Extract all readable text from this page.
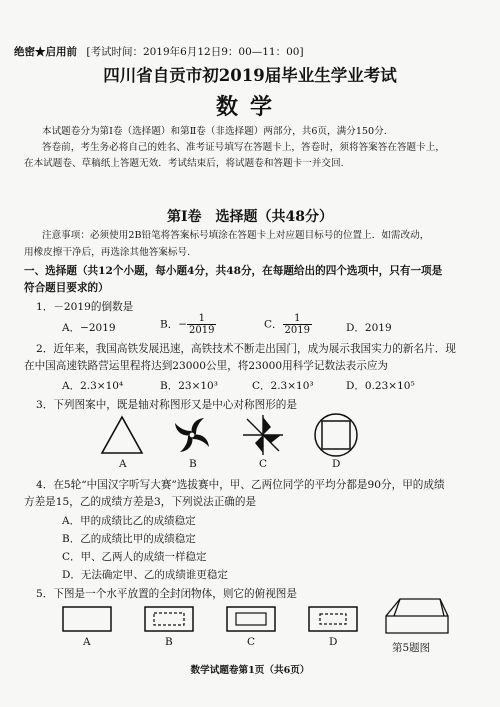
绝密★启用前 [考试时间：2019年6月12日9：00—11：00]
四川省自贡市初2019届毕业生学业考试
数学
本试题卷分为第Ⅰ卷（选择题）和第Ⅱ卷（非选择题）两部分，共6页，满分150分.
答卷前，考生务必将自己的姓名、准考证号填写在答题卡上，答卷时，须将答案答在答题卡上，
在本试题卷、草稿纸上答题无效．考试结束后，将试题卷和答题卡一并交回.
第Ⅰ卷　选择题（共48分）
注意事项：必须使用2B铅笔将答案标号填涂在答题卡上对应题目标号的位置上．如需改动，
用橡皮擦干净后，再选涂其他答案标号.
一、选择题（共12个小题，每小题4分，共48分，在每题给出的四个选项中，只有一项是
符合题目要求的）
1．－2019的倒数是
A．−2019	B．− $\frac{1}{2019}$	C． $\frac{1}{2019}$	D．2019
2．近年来，我国高铁发展迅速，高铁技术不断走出国门，成为展示我国实力的新名片．现
在中国高速铁路营运里程将达到23000公里，将23000用科学记数法表示应为
A．2.3×10⁴	B．23×10³	C．2.3×10³	D．0.23×10⁵
3．下列图案中，既是轴对称图形又是中心对称图形的是
A	B	C	D
4．在5轮“中国汉字听写大赛”选拔赛中，甲、乙两位同学的平均分都是90分，甲的成绩
方差是15，乙的成绩方差是3，下列说法正确的是
A．甲的成绩比乙的成绩稳定
B．乙的成绩比甲的成绩稳定
C．甲、乙两人的成绩一样稳定
D．无法确定甲、乙的成绩谁更稳定
5．下图是一个水平放置的全封闭物体，则它的俯视图是
A	B	C	D	第5题图
数学试题卷第1页（共6页）
